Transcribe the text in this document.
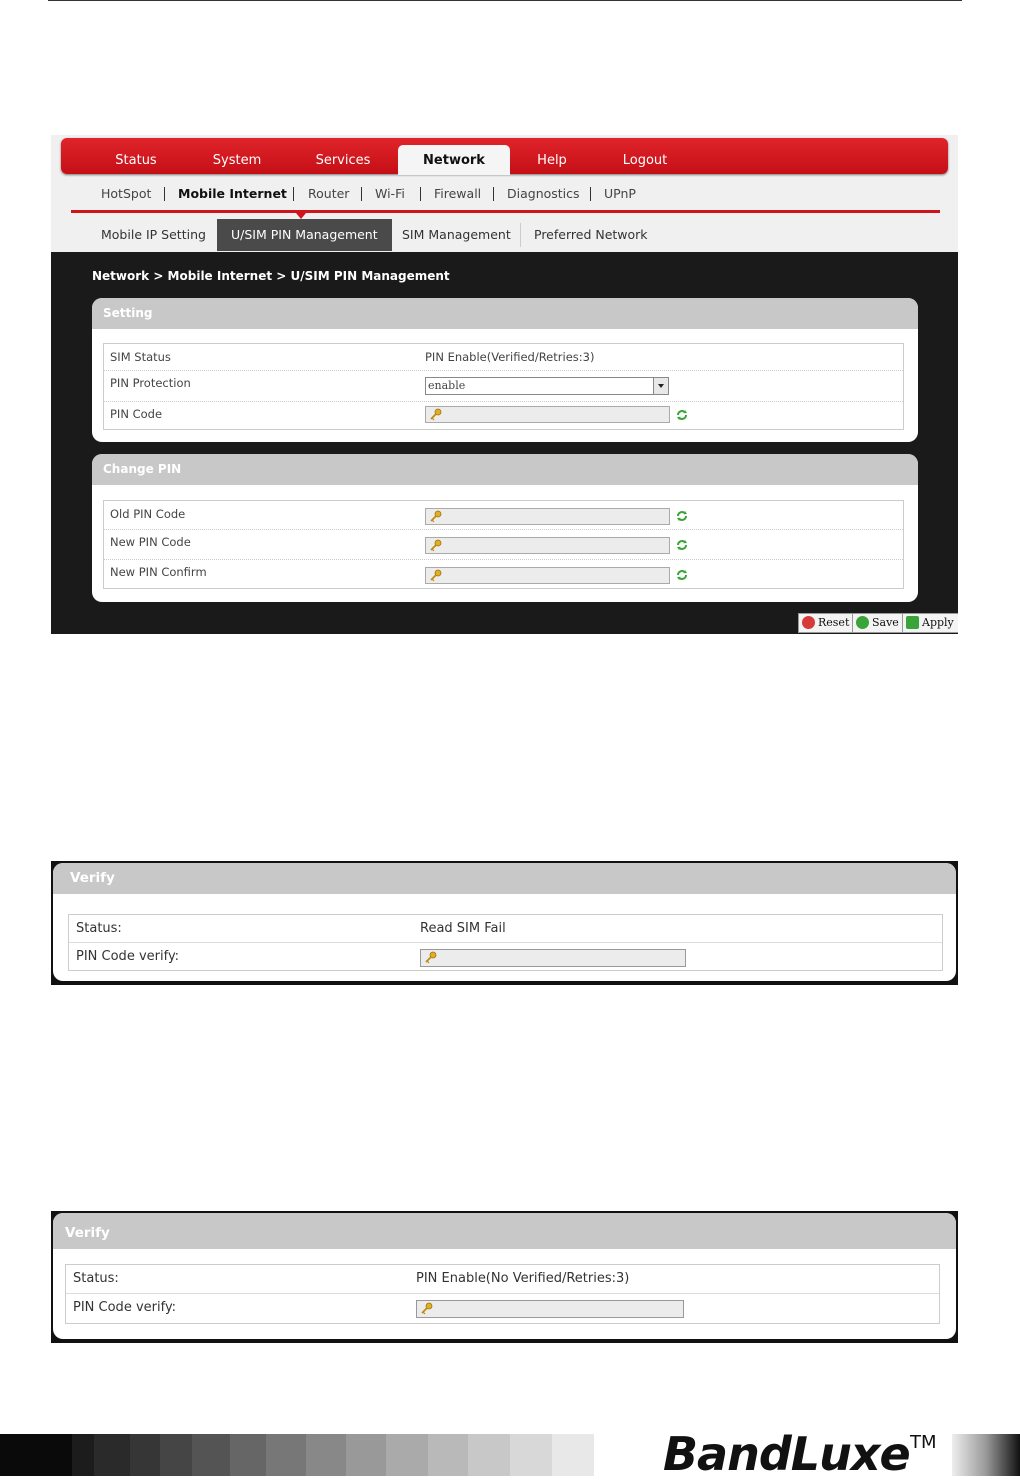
Status	System	Services	Network	Help	Logout
HotSpot Mobile Internet Router Wi-Fi Firewall Diagnostics UPnP
Mobile IP Setting	U/SIM PIN Management	SIM Management	Preferred Network
Network > Mobile Internet > U/SIM PIN Management
Setting
SIM Status	PIN Enable(Verified/Retries:3)
PIN Protection	enable
PIN Code
Change PIN
Old PIN Code
New PIN Code
New PIN Confirm
Reset	Save	Apply
Verify
Status:	Read SIM Fail
PIN Code verify:
Verify
Status:	PIN Enable(No Verified/Retries:3)
PIN Code verify:
BandLuxe TM
